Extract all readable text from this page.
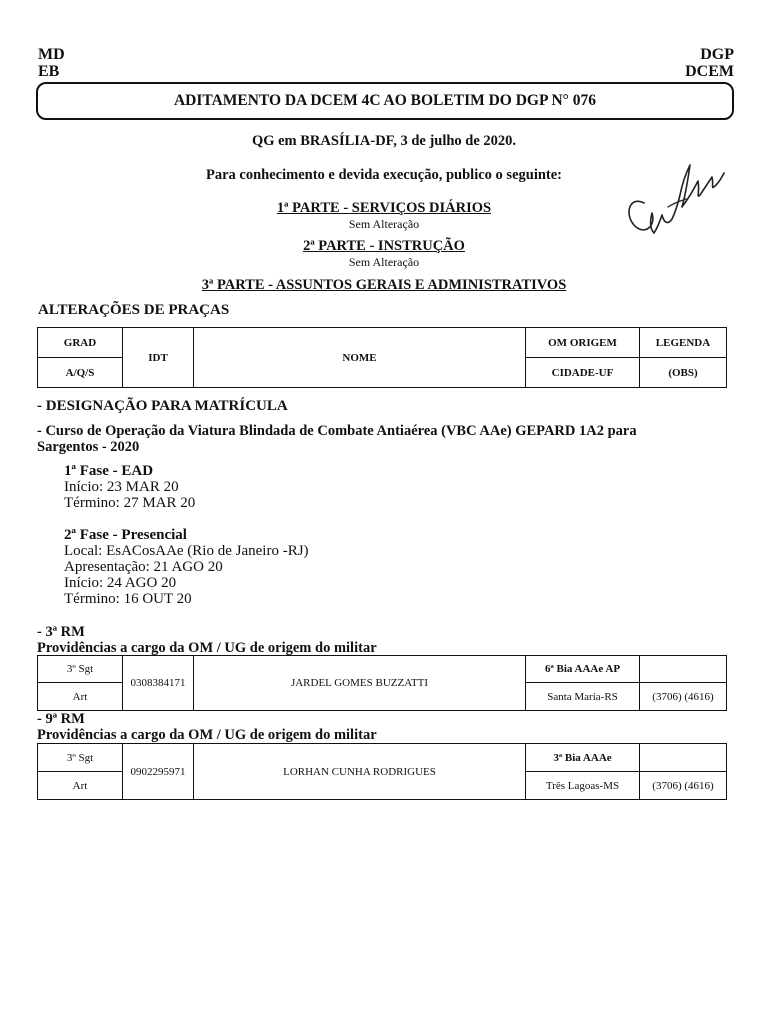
MD
EB
DGP
DCEM
ADITAMENTO DA DCEM 4C AO BOLETIM DO DGP N° 076
QG em BRASÍLIA-DF, 3 de julho de 2020.
Para conhecimento e devida execução, publico o seguinte:
1ª PARTE - SERVIÇOS DIÁRIOS
Sem Alteração
2ª PARTE - INSTRUÇÃO
Sem Alteração
3ª PARTE - ASSUNTOS GERAIS E ADMINISTRATIVOS
ALTERAÇÕES DE PRAÇAS
GRAD	IDT	NOME	OM ORIGEM	LEGENDA
A/Q/S			CIDADE-UF	(OBS)
- DESIGNAÇÃO PARA MATRÍCULA
- Curso de Operação da Viatura Blindada de Combate Antiaérea (VBC AAe) GEPARD 1A2 para
Sargentos - 2020
1ª Fase - EAD
Início: 23 MAR 20
Término: 27 MAR 20
2ª Fase - Presencial
Local: EsACosAAe (Rio de Janeiro -RJ)
Apresentação: 21 AGO 20
Início: 24 AGO 20
Término: 16 OUT 20
- 3ª RM
Providências a cargo da OM / UG de origem do militar
3º Sgt	0308384171	JARDEL GOMES BUZZATTI	6ª Bia AAAe AP	
Art			Santa Maria-RS	(3706) (4616)
- 9ª RM
Providências a cargo da OM / UG de origem do militar
3º Sgt	0902295971	LORHAN CUNHA RODRIGUES	3ª Bia AAAe	
Art			Três Lagoas-MS	(3706) (4616)
